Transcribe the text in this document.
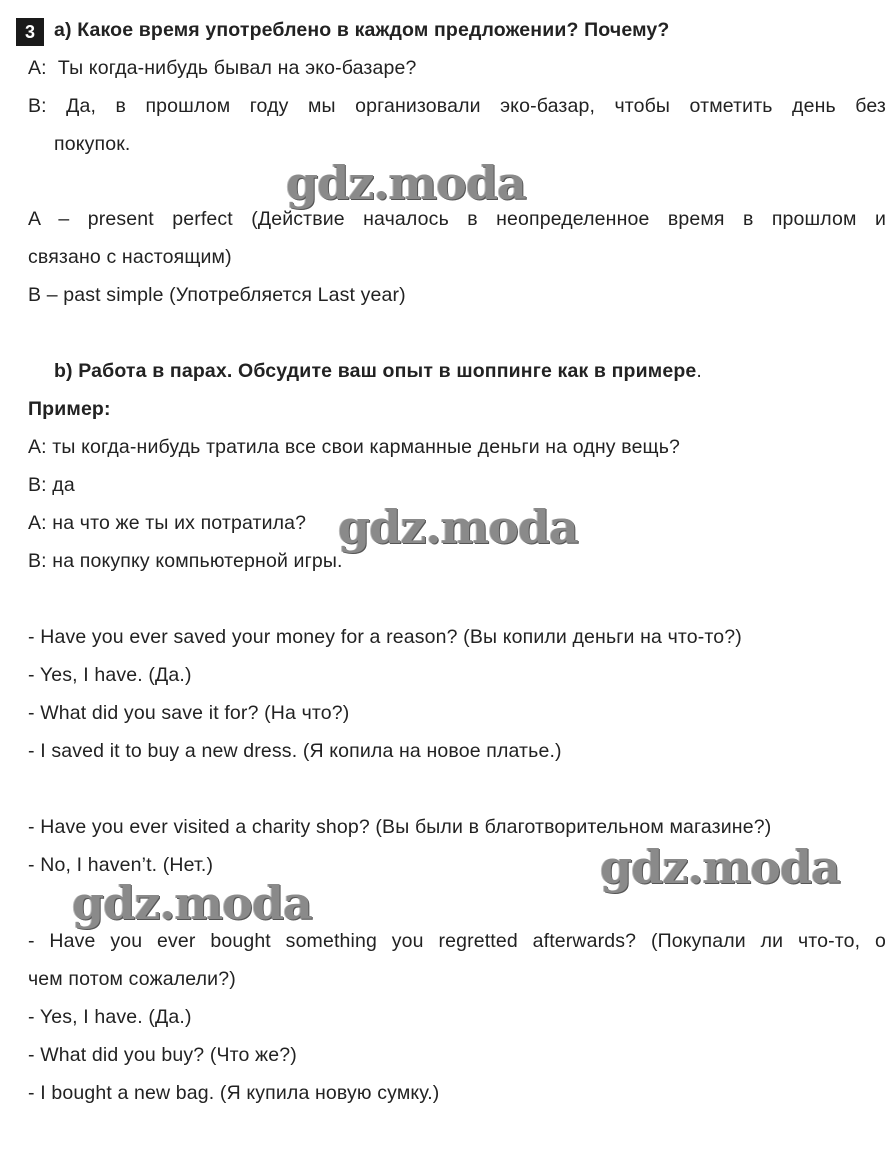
3 a) Какое время употреблено в каждом предложении? Почему?
A:  Ты когда-нибудь бывал на эко-базаре?
B: Да, в прошлом году мы организовали эко-базар, чтобы отметить день без
покупок.
gdz.moda
A – present perfect (Действие началось в неопределенное время в прошлом и
связано с настоящим)
B – past simple (Употребляется Last year)
b) Работа в парах. Обсудите ваш опыт в шоппинге как в примере.
Пример:
A: ты когда-нибудь тратила все свои карманные деньги на одну вещь?
B: да
A: на что же ты их потратила?
B: на покупку компьютерной игры.
gdz.moda
- Have you ever saved your money for a reason? (Вы копили деньги на что-то?)
- Yes, I have. (Да.)
- What did you save it for? (На что?)
- I saved it to buy a new dress. (Я копила на новое платье.)
- Have you ever visited a charity shop? (Вы были в благотворительном магазине?)
- No, I haven’t. (Нет.)	gdz.moda
gdz.moda
- Have you ever bought something you regretted afterwards? (Покупали ли что-то, о
чем потом сожалели?)
- Yes, I have. (Да.)
- What did you buy? (Что же?)
- I bought a new bag. (Я купила новую сумку.)
